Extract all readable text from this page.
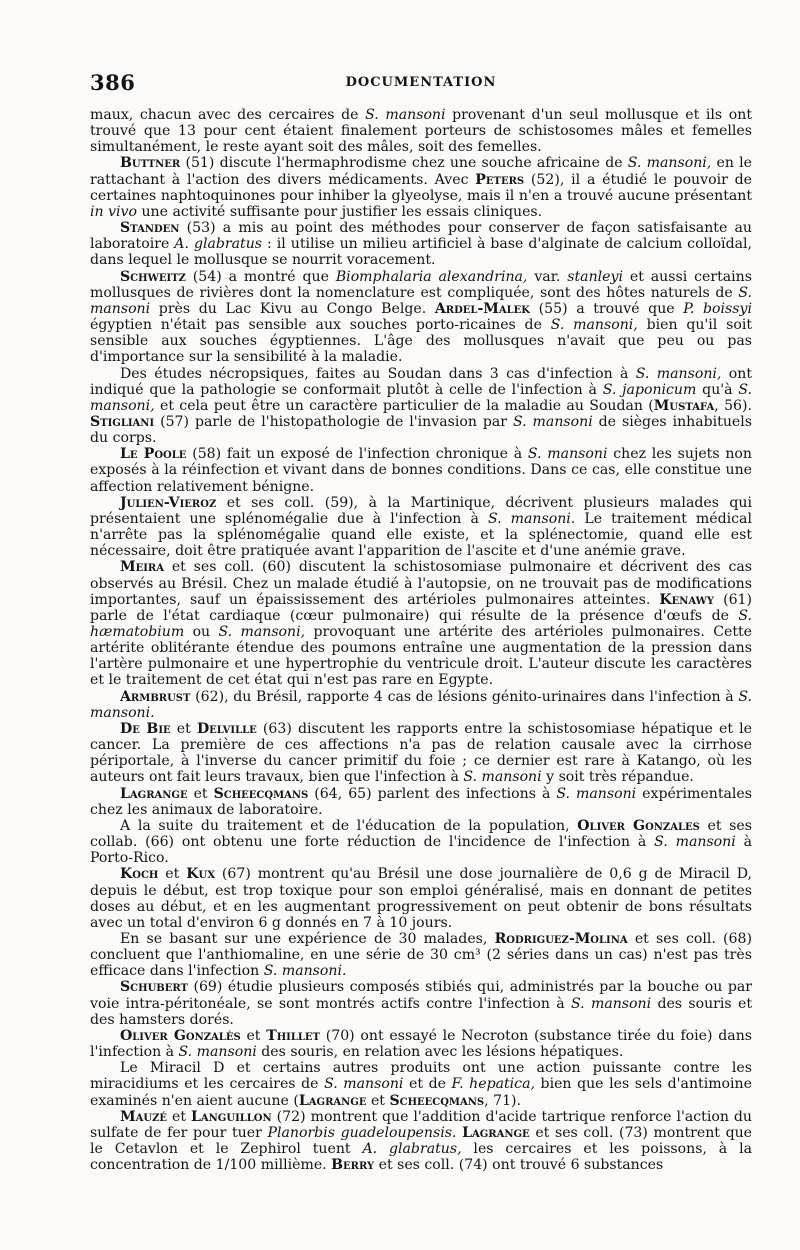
386	DOCUMENTATION

maux, chacun avec des cercaires de S. mansoni provenant d'un seul mollusque et ils ont trouvé que 13 pour cent étaient finalement porteurs de schistosomes mâles et femelles simultanément, le reste ayant soit des mâles, soit des femelles.

Buttner (51) discute l'hermaphrodisme chez une souche africaine de S. mansoni, en le rattachant à l'action des divers médicaments. Avec Peters (52), il a étudié le pouvoir de certaines naphtoquinones pour inhiber la glyeolyse, mais il n'en a trouvé aucune présentant in vivo une activité suffisante pour justifier les essais cliniques.

Standen (53) a mis au point des méthodes pour conserver de façon satisfaisante au laboratoire A. glabratus : il utilise un milieu artificiel à base d'alginate de calcium colloïdal, dans lequel le mollusque se nourrit voracement.

Schweitz (54) a montré que Biomphalaria alexandrina, var. stanleyi et aussi certains mollusques de rivières dont la nomenclature est compliquée, sont des hôtes naturels de S. mansoni près du Lac Kivu au Congo Belge. Ardel-Malek (55) a trouvé que P. boissyi égyptien n'était pas sensible aux souches porto-ricaines de S. mansoni, bien qu'il soit sensible aux souches égyptiennes. L'âge des mollusques n'avait que peu ou pas d'importance sur la sensibilité à la maladie.

Des études nécropsiques, faites au Soudan dans 3 cas d'infection à S. mansoni, ont indiqué que la pathologie se conformait plutôt à celle de l'infection à S. japonicum qu'à S. mansoni, et cela peut être un caractère particulier de la maladie au Soudan (Mustafa, 56). Stigliani (57) parle de l'histopathologie de l'invasion par S. mansoni de sièges inhabituels du corps.

Le Poole (58) fait un exposé de l'infection chronique à S. mansoni chez les sujets non exposés à la réinfection et vivant dans de bonnes conditions. Dans ce cas, elle constitue une affection relativement bénigne.

Julien-Vieroz et ses coll. (59), à la Martinique, décrivent plusieurs malades qui présentaient une splénomégalie due à l'infection à S. mansoni. Le traitement médical n'arrête pas la splénomégalie quand elle existe, et la splénectomie, quand elle est nécessaire, doit être pratiquée avant l'apparition de l'ascite et d'une anémie grave.

Meira et ses coll. (60) discutent la schistosomiase pulmonaire et décrivent des cas observés au Brésil. Chez un malade étudié à l'autopsie, on ne trouvait pas de modifications importantes, sauf un épaississement des artérioles pulmonaires atteintes. Kenawy (61) parle de l'état cardiaque (cœur pulmonaire) qui résulte de la présence d'œufs de S. hæmatobium ou S. mansoni, provoquant une artérite des artérioles pulmonaires. Cette artérite oblitérante étendue des poumons entraîne une augmentation de la pression dans l'artère pulmonaire et une hypertrophie du ventricule droit. L'auteur discute les caractères et le traitement de cet état qui n'est pas rare en Egypte.

Armbrust (62), du Brésil, rapporte 4 cas de lésions génito-urinaires dans l'infection à S. mansoni.

De Bie et Delville (63) discutent les rapports entre la schistosomiase hépatique et le cancer. La première de ces affections n'a pas de relation causale avec la cirrhose périportale, à l'inverse du cancer primitif du foie ; ce dernier est rare à Katango, où les auteurs ont fait leurs travaux, bien que l'infection à S. mansoni y soit très répandue.

Lagrange et Scheecqmans (64, 65) parlent des infections à S. mansoni expérimentales chez les animaux de laboratoire.

A la suite du traitement et de l'éducation de la population, Oliver Gonzales et ses collab. (66) ont obtenu une forte réduction de l'incidence de l'infection à S. mansoni à Porto-Rico.

Koch et Kux (67) montrent qu'au Brésil une dose journalière de 0,6 g de Miracil D, depuis le début, est trop toxique pour son emploi généralisé, mais en donnant de petites doses au début, et en les augmentant progressivement on peut obtenir de bons résultats avec un total d'environ 6 g donnés en 7 à 10 jours.

En se basant sur une expérience de 30 malades, Rodriguez-Molina et ses coll. (68) concluent que l'anthiomaline, en une série de 30 cm³ (2 séries dans un cas) n'est pas très efficace dans l'infection S. mansoni.

Schubert (69) étudie plusieurs composés stibiés qui, administrés par la bouche ou par voie intra-péritonéale, se sont montrés actifs contre l'infection à S. mansoni des souris et des hamsters dorés.

Oliver Gonzalès et Thillet (70) ont essayé le Necroton (substance tirée du foie) dans l'infection à S. mansoni des souris, en relation avec les lésions hépatiques.

Le Miracil D et certains autres produits ont une action puissante contre les miracidiums et les cercaires de S. mansoni et de F. hepatica, bien que les sels d'antimoine examinés n'en aient aucune (Lagrange et Scheecqmans, 71).

Mauzé et Languillon (72) montrent que l'addition d'acide tartrique renforce l'action du sulfate de fer pour tuer Planorbis guadeloupensis. Lagrange et ses coll. (73) montrent que le Cetavlon et le Zephirol tuent A. glabratus, les cercaires et les poissons, à la concentration de 1/100 millième. Berry et ses coll. (74) ont trouvé 6 substances
